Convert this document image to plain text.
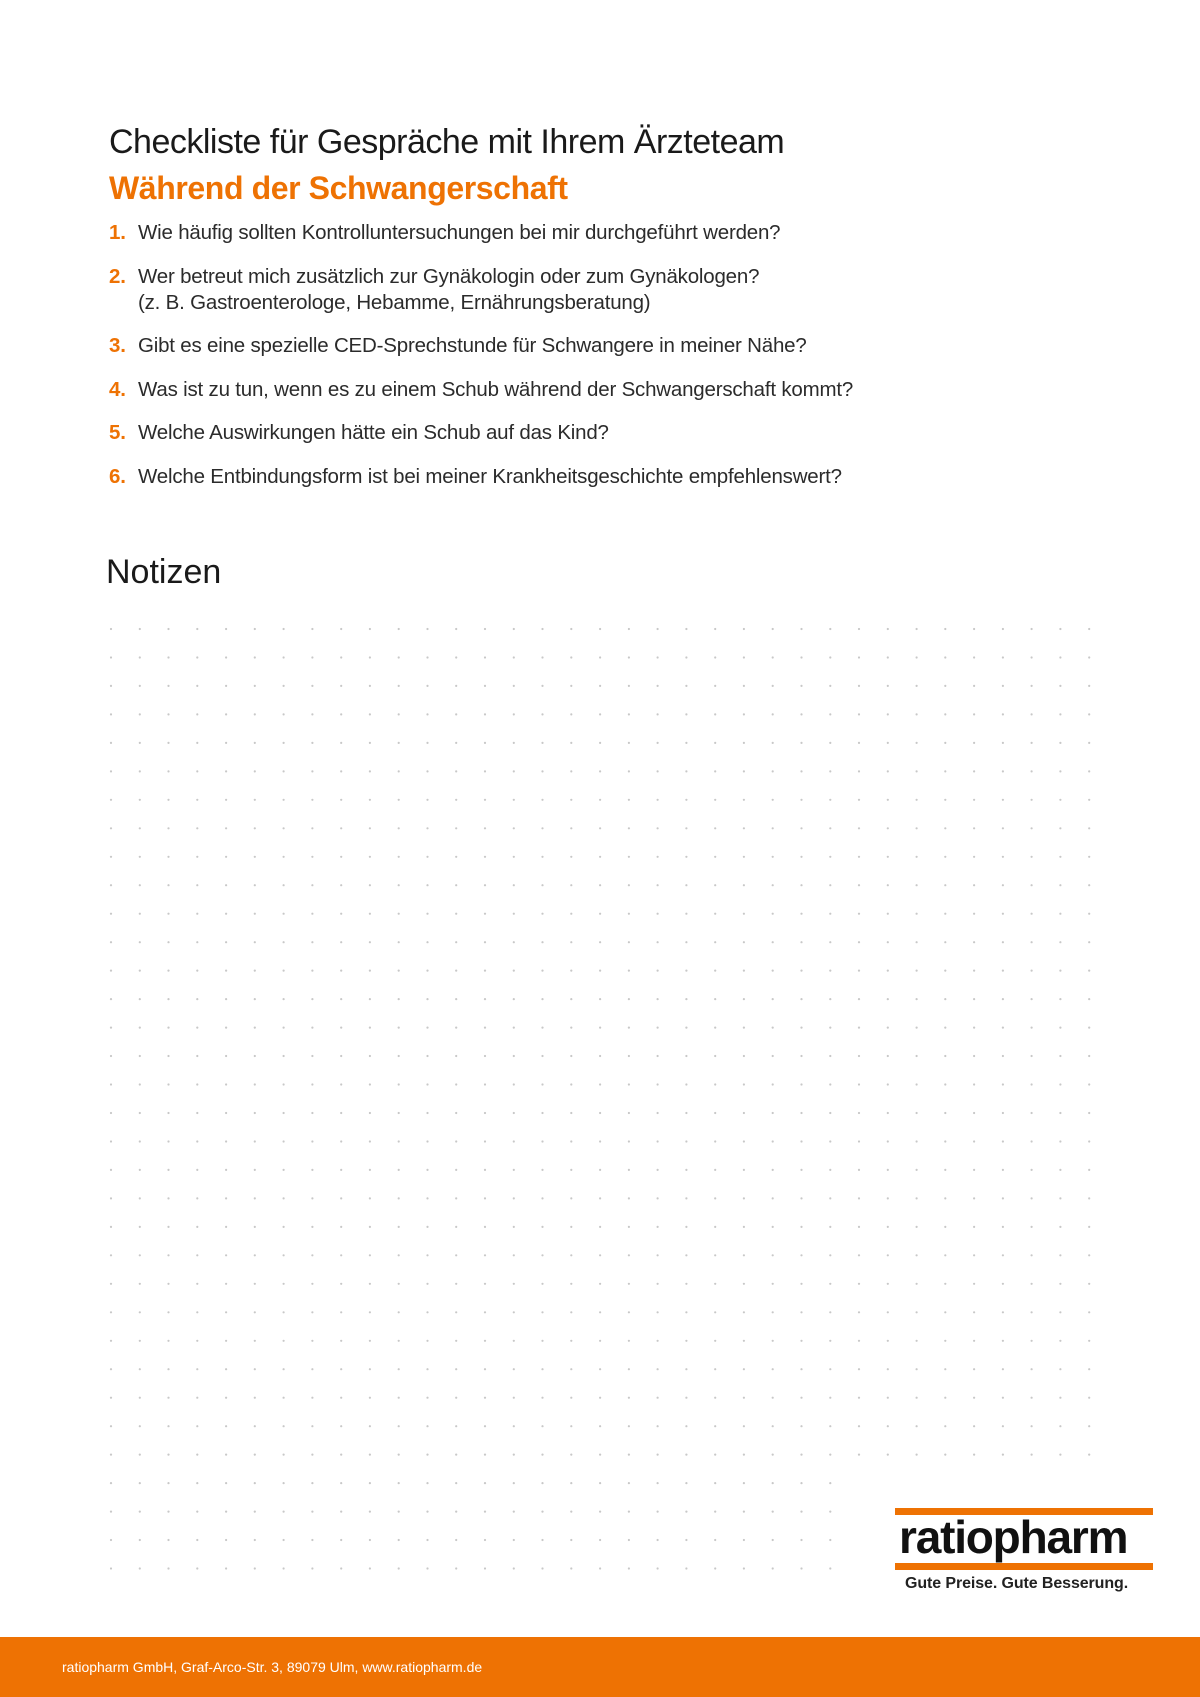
Checkliste für Gespräche mit Ihrem Ärzteteam
Während der Schwangerschaft
1. Wie häufig sollten Kontrolluntersuchungen bei mir durchgeführt werden?
2. Wer betreut mich zusätzlich zur Gynäkologin oder zum Gynäkologen?
(z. B. Gastroenterologe, Hebamme, Ernährungsberatung)
3. Gibt es eine spezielle CED-Sprechstunde für Schwangere in meiner Nähe?
4. Was ist zu tun, wenn es zu einem Schub während der Schwangerschaft kommt?
5. Welche Auswirkungen hätte ein Schub auf das Kind?
6. Welche Entbindungsform ist bei meiner Krankheitsgeschichte empfehlenswert?
Notizen
ratiopharm
Gute Preise. Gute Besserung.
ratiopharm GmbH, Graf-Arco-Str. 3, 89079 Ulm, www.ratiopharm.de
